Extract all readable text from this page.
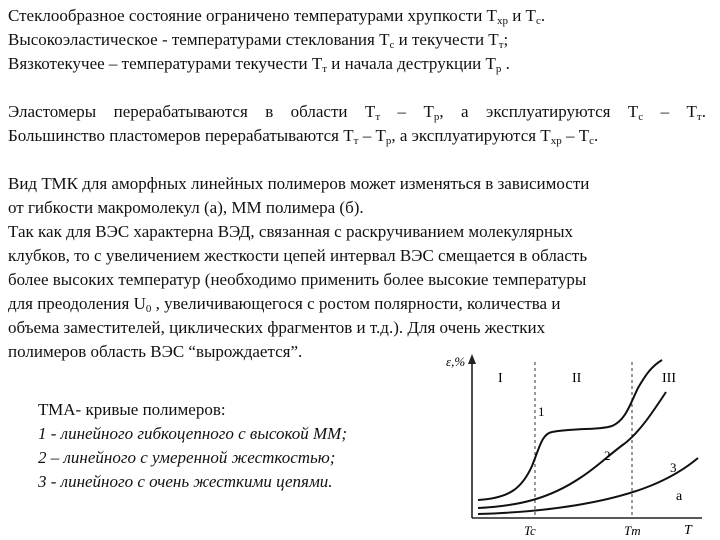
Стеклообразное состояние ограничено температурами хрупкости $Т_{хр}$ и $Т_с$.
Высокоэластическое - температурами стеклования $Т_с$ и текучести $Т_т$;
Вязкотекучее – температурами текучести $Т_т$ и начала деструкции $Т_р$ .
Эластомеры перерабатываются в области $Т_т - Т_р$, а эксплуатируются $Т_с - Т_т$.
Большинство пластомеров перерабатываются $Т_т - Т_р$, а эксплуатируются $Т_{хр} - Т_с$.
Вид ТМК для аморфных линейных полимеров может изменяться в зависимости
от гибкости макромолекул (а), ММ полимера (б).
Так как для ВЭС характерна ВЭД, связанная с раскручиванием молекулярных
клубков, то с увеличением жесткости цепей интервал ВЭС смещается в область
более высоких температур (необходимо применить более высокие температуры
для преодоления $U_0$ , увеличивающегося с ростом полярности, количества и
объема заместителей, циклических фрагментов и т.д.). Для очень жестких
полимеров область ВЭС “вырождается”.
ТМА- кривые полимеров:
1 - линейного гибкоцепного с высокой ММ;
2 – линейного с умеренной жесткостью;
3 - линейного с очень жесткими цепями.
ε,%
T
I	II	III
1
2
3
а
Tc	Tт
